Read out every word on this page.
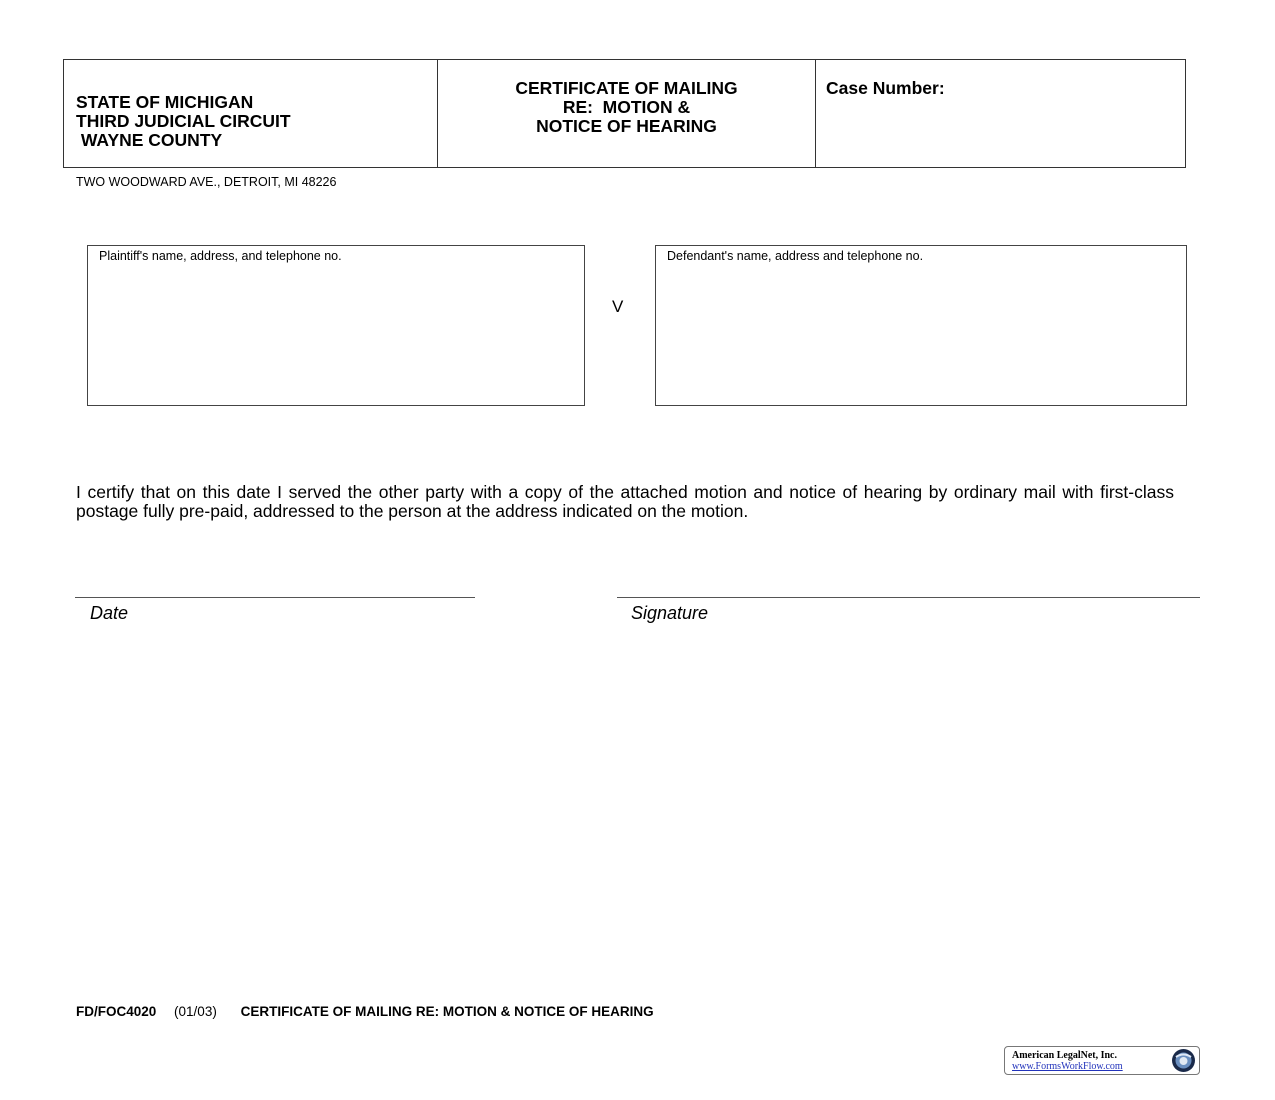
STATE OF MICHIGAN
THIRD JUDICIAL CIRCUIT
WAYNE COUNTY
CERTIFICATE OF MAILING
RE:  MOTION &
NOTICE OF HEARING
Case Number:
TWO WOODWARD AVE., DETROIT, MI 48226
Plaintiff's name, address, and telephone no.
V
Defendant's name, address and telephone no.
I certify that on this date I served the other party with a copy of the attached motion and notice of hearing by ordinary mail with first-class postage fully pre-paid, addressed to the person at the address indicated on the motion.
Date	Signature
FD/FOC4020 (01/03) CERTIFICATE OF MAILING RE: MOTION & NOTICE OF HEARING
American LegalNet, Inc.
www.FormsWorkFlow.com
